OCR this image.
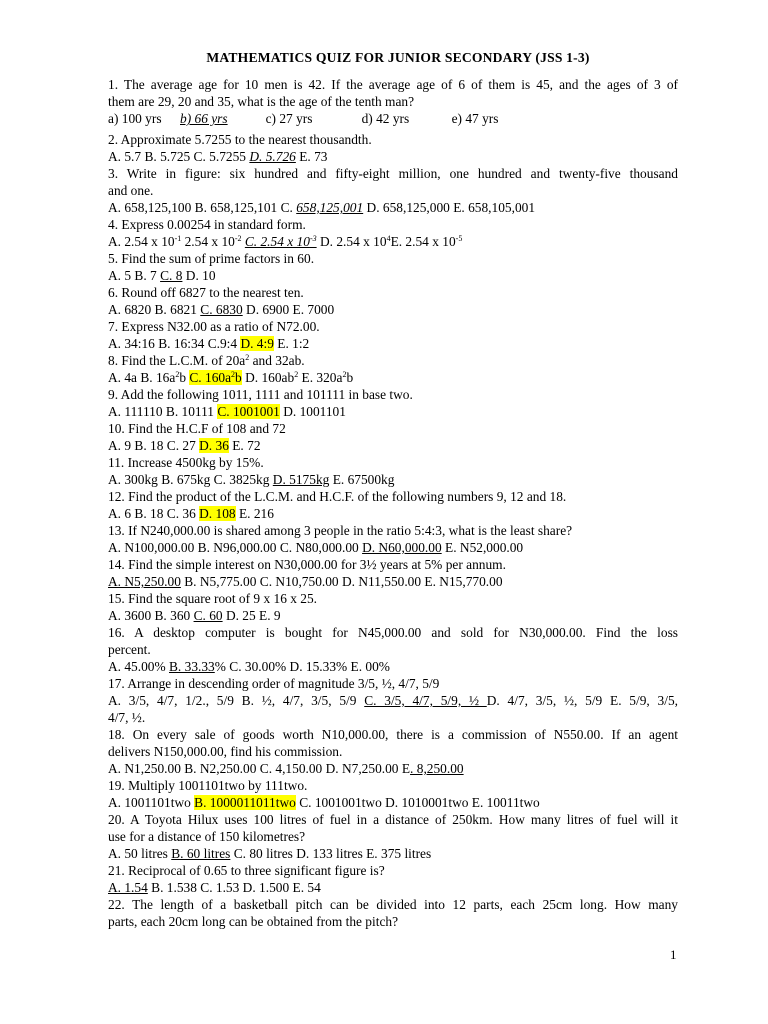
MATHEMATICS QUIZ FOR JUNIOR SECONDARY (JSS 1-3)

1. The average age for 10 men is 42. If the average age of 6 of them is 45, and the ages of 3 of

them are 29, 20 and 35, what is the age of the tenth man?

a) 100 yrs b) 66 yrs	c) 27 yrs	d) 42 yrs	e) 47 yrs

2. Approximate 5.7255 to the nearest thousandth.

A. 5.7 B. 5.725 C. 5.7255 D. 5.726 E. 73

3. Write in figure: six hundred and fifty-eight million, one hundred and twenty-five thousand

and one.

A. 658,125,100 B. 658,125,101 C. 658,125,001 D. 658,125,000 E. 658,105,001

4. Express 0.00254 in standard form.

A. 2.54 x $10^{-1}$ 2.54 x $10^{-2}$ C. 2.54 x $10^{-3}$ D. 2.54 x $10^4E$. 2.54 x $10^{-5}$

5. Find the sum of prime factors in 60.

A. 5 B. 7 C. 8 D. 10

6. Round off 6827 to the nearest ten.

A. 6820 B. 6821 C. 6830 D. 6900 E. 7000

7. Express N32.00 as a ratio of N72.00.

A. 34:16 B. 16:34 C.9:4 D. 4:9 E. 1:2

8. Find the L.C.M. of $20a^2$ and 32ab.

A. 4a B. $16a^2b$ C. $160a^2b$ D. $160ab^2$ E. $320a^2b$

9. Add the following 1011, 1111 and 101111 in base two.

A. 111110 B. 10111 C. 1001001 D. 1001101

10. Find the H.C.F of 108 and 72

A. 9 B. 18 C. 27 D. 36 E. 72

11. Increase 4500kg by 15%.

A. 300kg B. 675kg C. 3825kg D. 5175kg E. 67500kg

12. Find the product of the L.C.M. and H.C.F. of the following numbers 9, 12 and 18.

A. 6 B. 18 C. 36 D. 108 E. 216

13. If N240,000.00 is shared among 3 people in the ratio 5:4:3, what is the least share?

A. N100,000.00 B. N96,000.00 C. N80,000.00 D. N60,000.00 E. N52,000.00

14. Find the simple interest on N30,000.00 for 3½ years at 5% per annum.

A. N5,250.00 B. N5,775.00 C. N10,750.00 D. N11,550.00 E. N15,770.00

15. Find the square root of 9 x 16 x 25.

A. 3600 B. 360 C. 60 D. 25 E. 9

16. A desktop computer is bought for N45,000.00 and sold for N30,000.00. Find the loss

percent.

A. 45.00% B. 33.33% C. 30.00% D. 15.33% E. 00%

17. Arrange in descending order of magnitude 3/5, ½, 4/7, 5/9

A. 3/5, 4/7, 1/2., 5/9 B. ½, 4/7, 3/5, 5/9 C. 3/5, 4/7, 5/9, ½ D. 4/7, 3/5, ½, 5/9 E. 5/9, 3/5,

4/7, ½.

18. On every sale of goods worth N10,000.00, there is a commission of N550.00. If an agent

delivers N150,000.00, find his commission.

A. N1,250.00 B. N2,250.00 C. 4,150.00 D. N7,250.00 E. 8,250.00

19. Multiply 1001101two by 111two.

A. 1001101two B. 1000011011two C. 1001001two D. 1010001two E. 10011two

20. A Toyota Hilux uses 100 litres of fuel in a distance of 250km. How many litres of fuel will it

use for a distance of 150 kilometres?

A. 50 litres B. 60 litres C. 80 litres D. 133 litres E. 375 litres

21. Reciprocal of 0.65 to three significant figure is?

A. 1.54 B. 1.538 C. 1.53 D. 1.500 E. 54

22. The length of a basketball pitch can be divided into 12 parts, each 25cm long. How many

parts, each 20cm long can be obtained from the pitch?

1
